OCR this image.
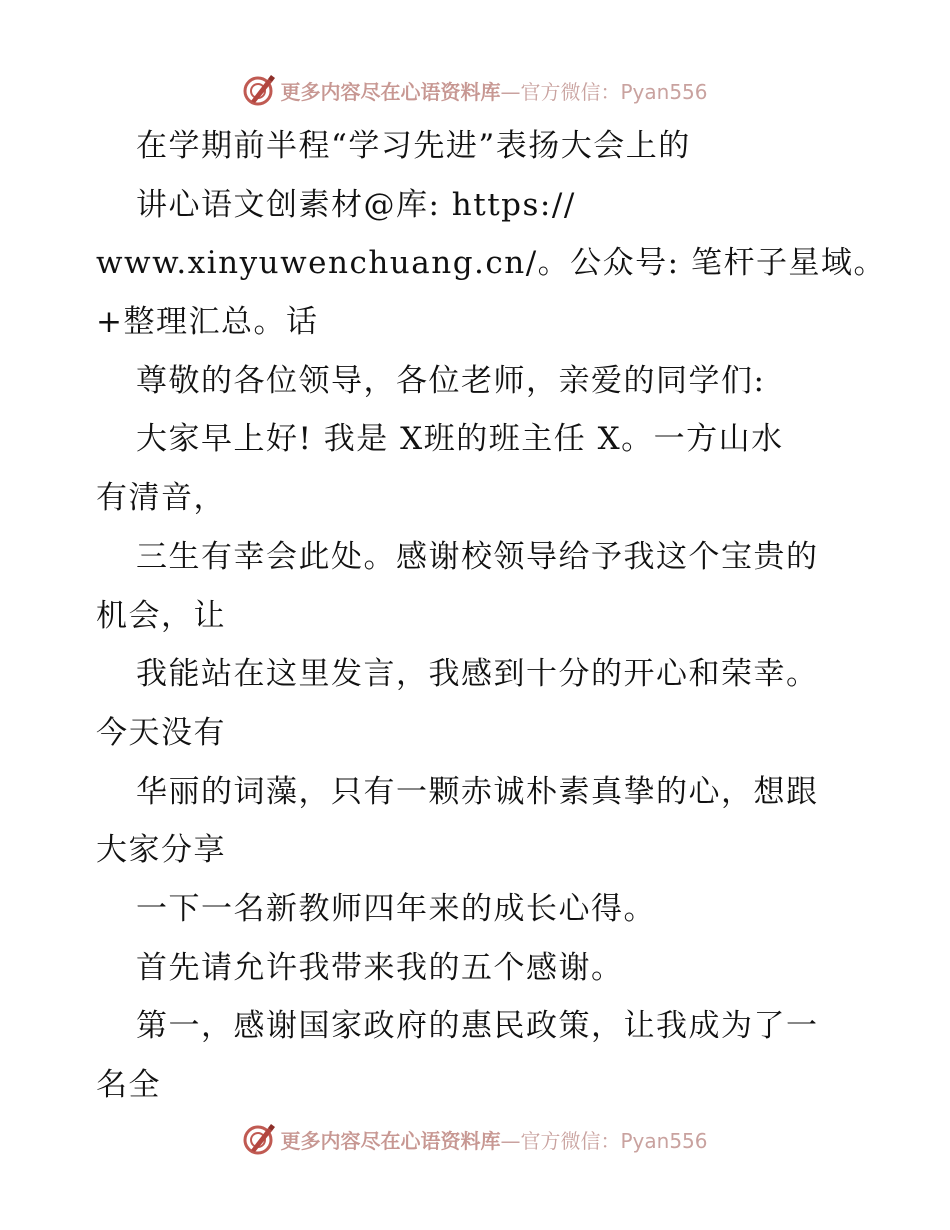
更多内容尽在心语资料库—官方微信：Pyan556
在学期前半程“学习先进”表扬大会上的
讲心语文创素材@库: https://
www.xinyuwenchuang.cn/。公众号: 笔杆子星域。
+整理汇总。话
尊敬的各位领导，各位老师，亲爱的同学们:
大家早上好! 我是 X班的班主任 X。一方山水
有清音，
三生有幸会此处。感谢校领导给予我这个宝贵的
机会，让
我能站在这里发言，我感到十分的开心和荣幸。
今天没有
华丽的词藻，只有一颗赤诚朴素真挚的心，想跟
大家分享
一下一名新教师四年来的成长心得。
首先请允许我带来我的五个感谢。
第一，感谢国家政府的惠民政策，让我成为了一
名全
更多内容尽在心语资料库—官方微信：Pyan556
